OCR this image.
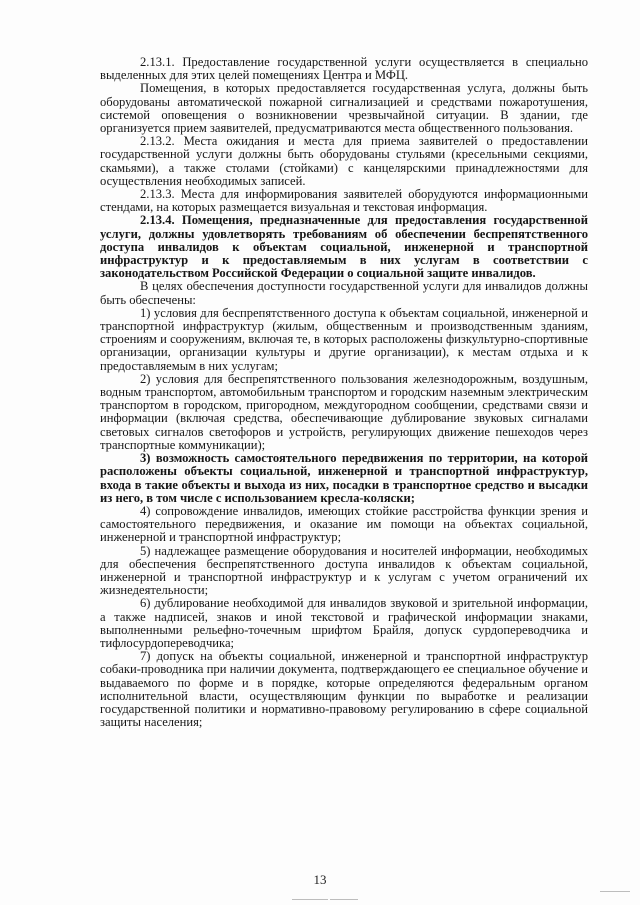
2.13.1. Предоставление государственной услуги осуществляется в специально выделенных для этих целей помещениях Центра и МФЦ.

Помещения, в которых предоставляется государственная услуга, должны быть оборудованы автоматической пожарной сигнализацией и средствами пожаротушения, системой оповещения о возникновении чрезвычайной ситуации. В здании, где организуется прием заявителей, предусматриваются места общественного пользования.

2.13.2. Места ожидания и места для приема заявителей о предоставлении государственной услуги должны быть оборудованы стульями (кресельными секциями, скамьями), а также столами (стойками) с канцелярскими принадлежностями для осуществления необходимых записей.

2.13.3. Места для информирования заявителей оборудуются информационными стендами, на которых размещается визуальная и текстовая информация.

2.13.4. Помещения, предназначенные для предоставления государственной услуги, должны удовлетворять требованиям об обеспечении беспрепятственного доступа инвалидов к объектам социальной, инженерной и транспортной инфраструктур и к предоставляемым в них услугам в соответствии с законодательством Российской Федерации о социальной защите инвалидов.

В целях обеспечения доступности государственной услуги для инвалидов должны быть обеспечены:

1) условия для беспрепятственного доступа к объектам социальной, инженерной и транспортной инфраструктур (жилым, общественным и производственным зданиям, строениям и сооружениям, включая те, в которых расположены физкультурно-спортивные организации, организации культуры и другие организации), к местам отдыха и к предоставляемым в них услугам;

2) условия для беспрепятственного пользования железнодорожным, воздушным, водным транспортом, автомобильным транспортом и городским наземным электрическим транспортом в городском, пригородном, междугородном сообщении, средствами связи и информации (включая средства, обеспечивающие дублирование звуковых сигналами световых сигналов светофоров и устройств, регулирующих движение пешеходов через транспортные коммуникации);

3) возможность самостоятельного передвижения по территории, на которой расположены объекты социальной, инженерной и транспортной инфраструктур, входа в такие объекты и выхода из них, посадки в транспортное средство и высадки из него, в том числе с использованием кресла-коляски;

4) сопровождение инвалидов, имеющих стойкие расстройства функции зрения и самостоятельного передвижения, и оказание им помощи на объектах социальной, инженерной и транспортной инфраструктур;

5) надлежащее размещение оборудования и носителей информации, необходимых для обеспечения беспрепятственного доступа инвалидов к объектам социальной, инженерной и транспортной инфраструктур и к услугам с учетом ограничений их жизнедеятельности;

6) дублирование необходимой для инвалидов звуковой и зрительной информации, а также надписей, знаков и иной текстовой и графической информации знаками, выполненными рельефно-точечным шрифтом Брайля, допуск сурдопереводчика и тифлосурдопереводчика;

7) допуск на объекты социальной, инженерной и транспортной инфраструктур собаки-проводника при наличии документа, подтверждающего ее специальное обучение и выдаваемого по форме и в порядке, которые определяются федеральным органом исполнительной власти, осуществляющим функции по выработке и реализации государственной политики и нормативно-правовому регулированию в сфере социальной защиты населения;

13
